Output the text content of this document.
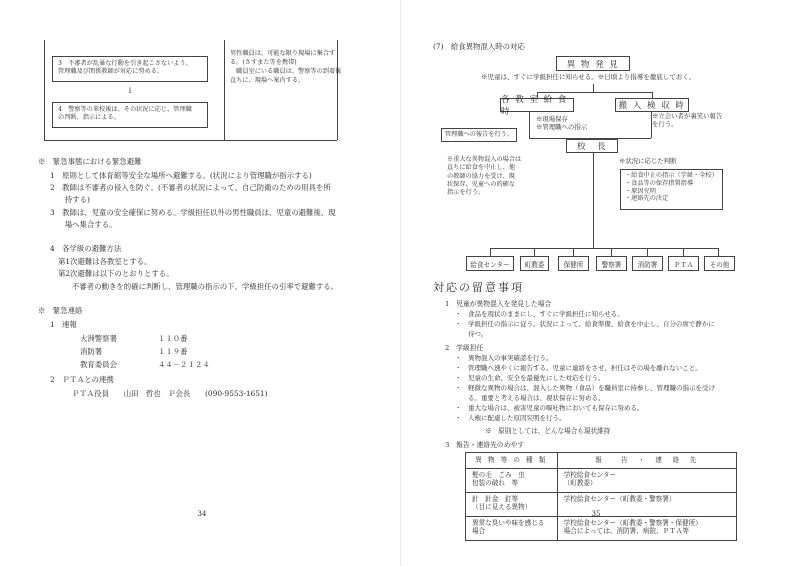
3　不審者が乱暴な行動を引き起こさないよう、
管理職及び関係教師が対応に努める。
↓
4　警察等の来校後は、その状況に応じ、管理職
の判断、指示による。
男性職員は、可能な限り現場に集合す
る。(さすまた等を携帯)
　職員室にいる職員は、警察等の到着後
直ちに、現場へ案内する。
※　緊急事態における緊急避難
1　原則として体育館等安全な場所へ避難する。(状況により管理職が指示する)
2　教師は不審者の侵入を防ぐ。(不審者の状況によって、自己防衛のための用具を所
　　持する)
3　教師は、児童の安全確保に努める。学級担任以外の男性職員は、児童の避難後、現
　　場へ集合する。
4　各学級の避難方法
第1次避難は各教室とする。
第2次避難は以下のとおりとする。
不審者の動きを的確に判断し、管理職の指示の下、学級担任の引率で避難する。
※　緊急連絡
1　連報
大洲警察署	１１０番
消防署	１１９番
教育委員会	４４－２１２４
2　ＰＴＡとの連携
ＰＴＡ役員　　山田　哲也　Ｐ会長　　(090-9553-1651)
34
(7)　給食異物混入時の対応
異 物 発 見
※児童は、すぐに学級担任に知らせる。※日頃より指導を徹底しておく。
各 教 室 給 食 時
搬 入 検 収 時
※現場保存
※管理職への指示
※立会い者が裏笑い報告
を行う。
管理職への報告を行う。
校　長
※重大な異物混入の場合は
直ちに給食を中止し、他
の教師の協力を受け、現
状保存、児童への的確な
指示を行う。
※状況に応じた判断
・給食中止の指示（学級・全校）
・食品等の保存措置指導
・原因究明
・連絡先の決定
給食センター	町教委	保健所	警察署	消防署	ＰＴＡ	その他
対応の留意事項
1　児童が異物混入を発見した場合
・　食品を現状のままにし、すぐに学級担任に知らせる。
・　学級担任の指示に従う。状況によって、給食準備、給食を中止し、自分の席で静かに
　　待つ。
2　学級担任
・　異物混入の事実確認を行う。
・　管理職へ速やくに報告する。児童に連絡をさせ、担任はその場を離れないこと。
・　児童の生命、安全を最優先にした対応を行う。
・　軽微な異物の場合は、混入した異物（食品）を職員室に持参し、管理職の指示を受け
　　る。重要と考える場合は、現状保存に努める。
・　重大な場合は、被害児童の嘔吐物においても保存に努める。
・　人権に配慮した原因究明を行う。
※　原則としては、どんな場合も現状維持
3　報告・連絡先のめやす
異 物 等 の 種 類	報　　告　・　連　絡　先
髪の毛　ごみ　虫
包装の破れ　等	学校給食センター
（町教委）
針　針金　釘等
（目に見える異物）	学校給食センター（町教委・警察署）
異常な臭いや味を感じる
場合	学校給食センター（町教委・警察署・保健所）
場合によっては、消防署、病院、ＰＴＡ等
35
